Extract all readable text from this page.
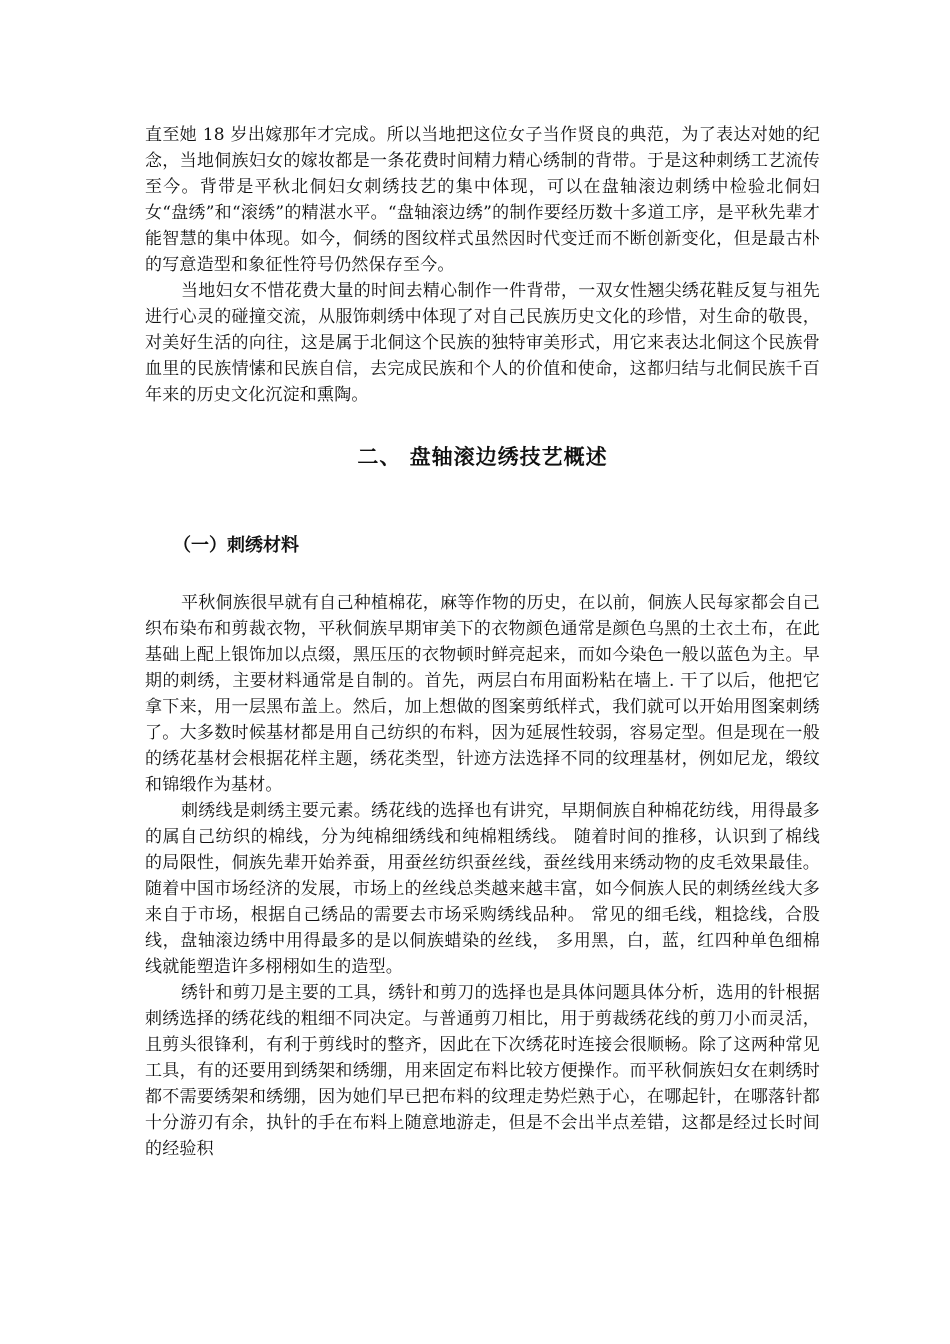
直至她 18 岁出嫁那年才完成。所以当地把这位女子当作贤良的典范，为了表达对她的纪念，当地侗族妇女的嫁妆都是一条花费时间精力精心绣制的背带。于是这种刺绣工艺流传至今。背带是平秋北侗妇女刺绣技艺的集中体现，可以在盘轴滚边刺绣中检验北侗妇女“盘绣”和“滚绣”的精湛水平。“盘轴滚边绣”的制作要经历数十多道工序，是平秋先辈才能智慧的集中体现。如今，侗绣的图纹样式虽然因时代变迁而不断创新变化，但是最古朴的写意造型和象征性符号仍然保存至今。

当地妇女不惜花费大量的时间去精心制作一件背带，一双女性翘尖绣花鞋反复与祖先进行心灵的碰撞交流，从服饰刺绣中体现了对自己民族历史文化的珍惜，对生命的敬畏，对美好生活的向往，这是属于北侗这个民族的独特审美形式，用它来表达北侗这个民族骨血里的民族情愫和民族自信，去完成民族和个人的价值和使命，这都归结与北侗民族千百年来的历史文化沉淀和熏陶。

二、 盘轴滚边绣技艺概述
（一）刺绣材料

平秋侗族很早就有自己种植棉花，麻等作物的历史，在以前，侗族人民每家都会自己织布染布和剪裁衣物，平秋侗族早期审美下的衣物颜色通常是颜色乌黑的土衣土布，在此基础上配上银饰加以点缀，黑压压的衣物顿时鲜亮起来，而如今染色一般以蓝色为主。早期的刺绣，主要材料通常是自制的。首先，两层白布用面粉粘在墙上. 干了以后，他把它拿下来，用一层黑布盖上。然后，加上想做的图案剪纸样式，我们就可以开始用图案刺绣了。大多数时候基材都是用自己纺织的布料，因为延展性较弱，容易定型。但是现在一般的绣花基材会根据花样主题，绣花类型，针迹方法选择不同的纹理基材，例如尼龙，缎纹和锦缎作为基材。

刺绣线是刺绣主要元素。绣花线的选择也有讲究，早期侗族自种棉花纺线，用得最多的属自己纺织的棉线，分为纯棉细绣线和纯棉粗绣线。 随着时间的推移，认识到了棉线的局限性，侗族先辈开始养蚕，用蚕丝纺织蚕丝线，蚕丝线用来绣动物的皮毛效果最佳。随着中国市场经济的发展，市场上的丝线总类越来越丰富，如今侗族人民的刺绣丝线大多来自于市场，根据自己绣品的需要去市场采购绣线品种。 常见的细毛线，粗捻线，合股线，盘轴滚边绣中用得最多的是以侗族蜡染的丝线， 多用黑，白，蓝，红四种单色细棉线就能塑造许多栩栩如生的造型。

绣针和剪刀是主要的工具，绣针和剪刀的选择也是具体问题具体分析，选用的针根据刺绣选择的绣花线的粗细不同决定。与普通剪刀相比，用于剪裁绣花线的剪刀小而灵活，且剪头很锋利，有利于剪线时的整齐，因此在下次绣花时连接会很顺畅。除了这两种常见工具，有的还要用到绣架和绣绷，用来固定布料比较方便操作。而平秋侗族妇女在刺绣时都不需要绣架和绣绷，因为她们早已把布料的纹理走势烂熟于心，在哪起针，在哪落针都十分游刃有余，执针的手在布料上随意地游走，但是不会出半点差错，这都是经过长时间的经验积
